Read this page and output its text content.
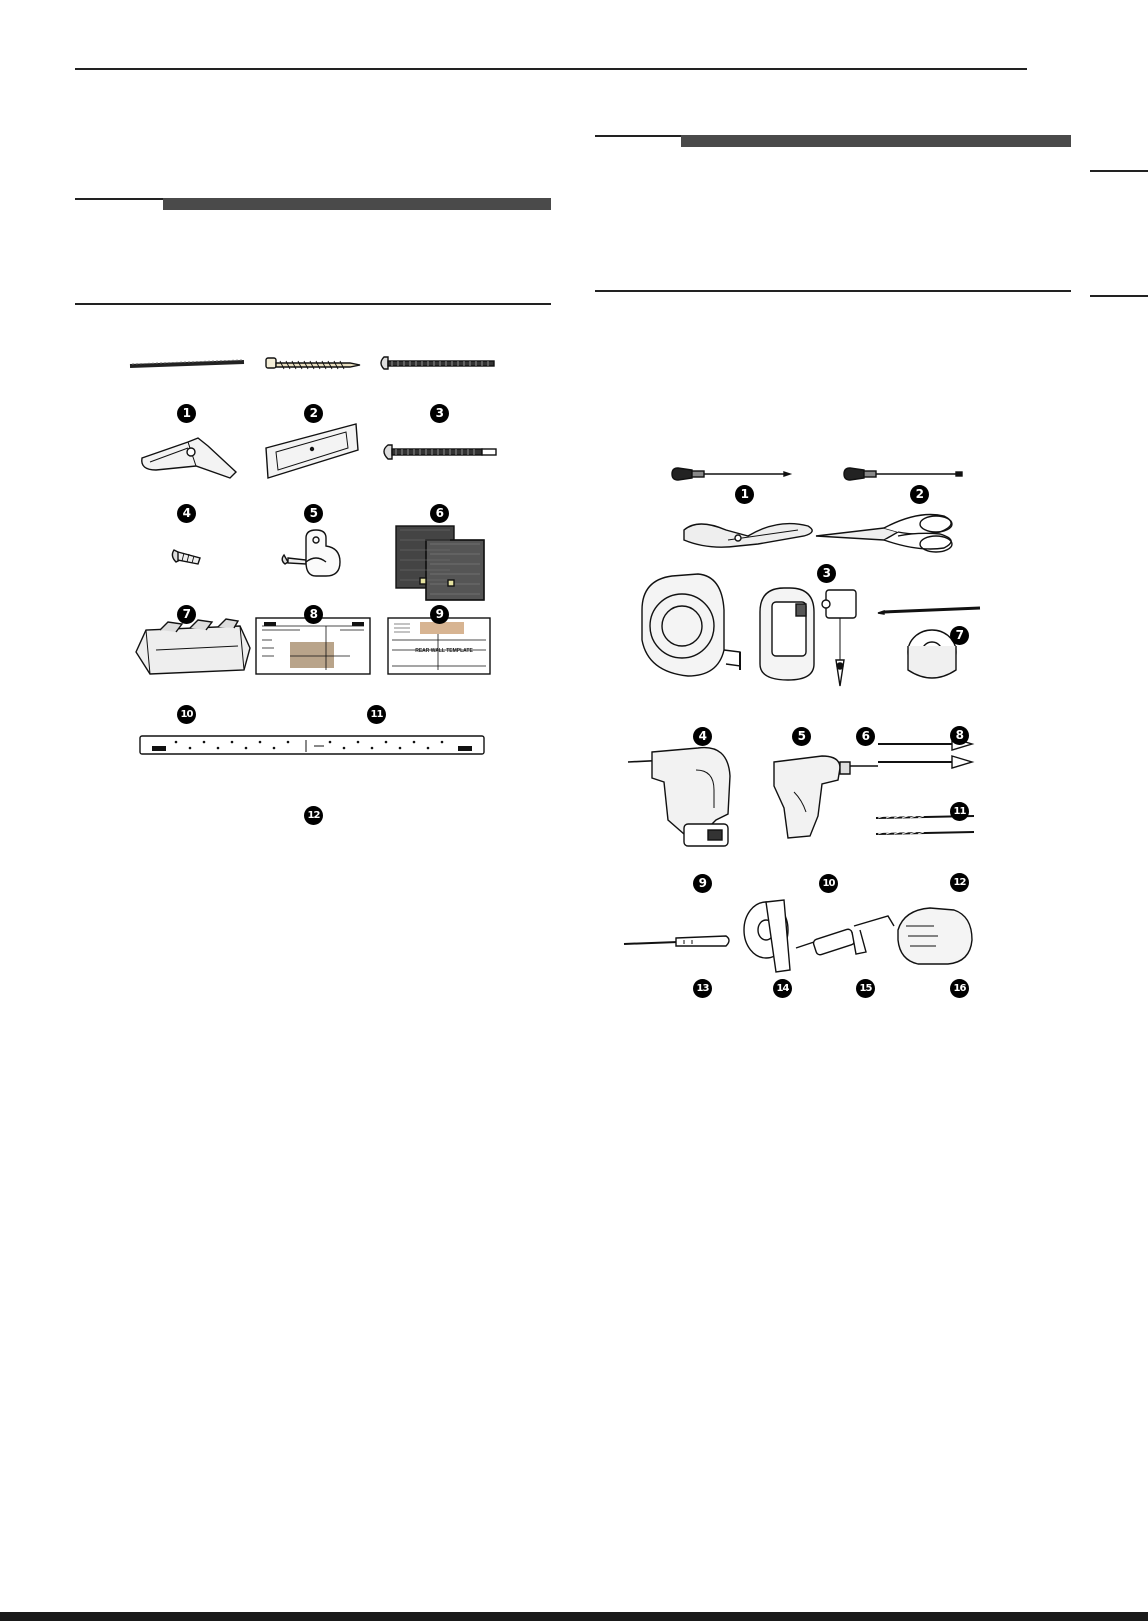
1	2	3
4	5	6
7	8	9
10	11
12
1	2
3
4	5	6
7
8
9	10
11
12
13	14	15	16
REAR WALL TEMPLATE
